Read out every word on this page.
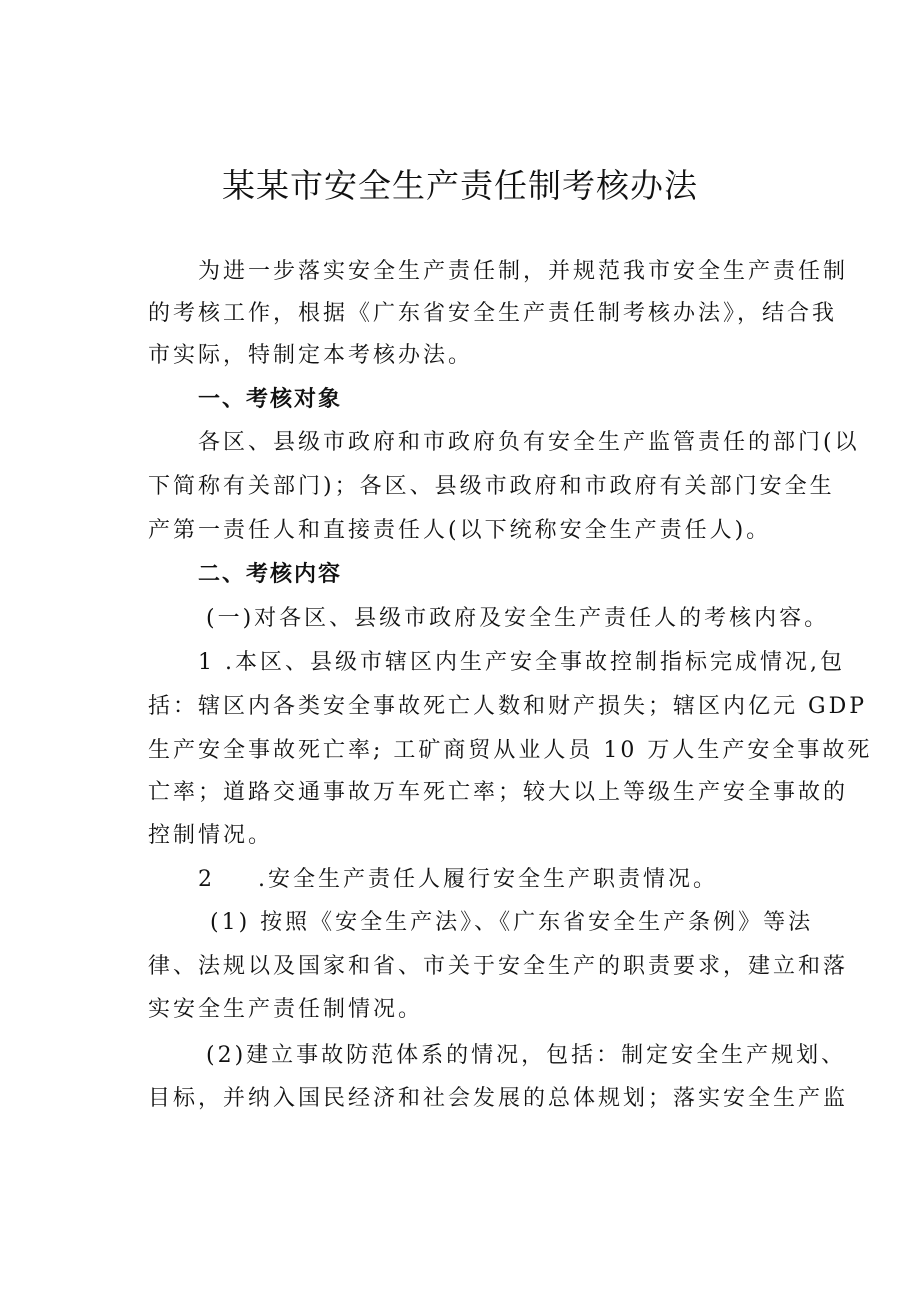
某某市安全生产责任制考核办法
为进一步落实安全生产责任制，并规范我市安全生产责任制
的考核工作，根据《广东省安全生产责任制考核办法》，结合我
市实际，特制定本考核办法。
一、考核对象
各区、县级市政府和市政府负有安全生产监管责任的部门(以
下简称有关部门)；各区、县级市政府和市政府有关部门安全生
产第一责任人和直接责任人(以下统称安全生产责任人)。
二、考核内容
(一)对各区、县级市政府及安全生产责任人的考核内容。
1 .本区、县级市辖区内生产安全事故控制指标完成情况,包
括：辖区内各类安全事故死亡人数和财产损失；辖区内亿元 GDP
生产安全事故死亡率; 工矿商贸从业人员 10 万人生产安全事故死
亡率；道路交通事故万车死亡率；较大以上等级生产安全事故的
控制情况。
2 .安全生产责任人履行安全生产职责情况。
(1) 按照《安全生产法》、《广东省安全生产条例》等法
律、法规以及国家和省、市关于安全生产的职责要求，建立和落
实安全生产责任制情况。
(2)建立事故防范体系的情况，包括：制定安全生产规划、
目标，并纳入国民经济和社会发展的总体规划；落实安全生产监
